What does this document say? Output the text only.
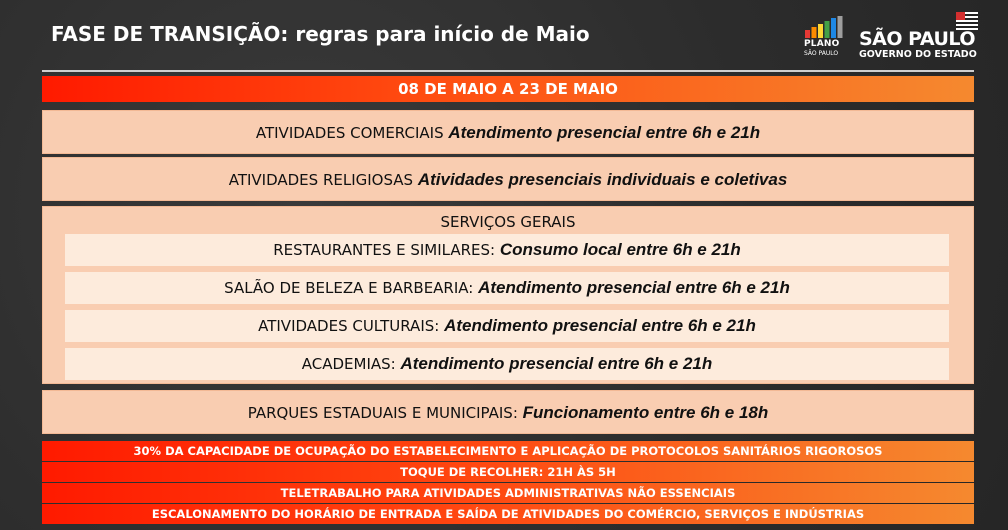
FASE DE TRANSIÇÃO: regras para início de Maio	PLANO
SÃO PAULO
SÃO PAULO
GOVERNO DO ESTADO
08 DE MAIO A 23 DE MAIO
ATIVIDADES COMERCIAIS Atendimento presencial entre 6h e 21h
ATIVIDADES RELIGIOSAS Atividades presenciais individuais e coletivas
SERVIÇOS GERAIS
RESTAURANTES E SIMILARES: Consumo local entre 6h e 21h
SALÃO DE BELEZA E BARBEARIA: Atendimento presencial entre 6h e 21h
ATIVIDADES CULTURAIS: Atendimento presencial entre 6h e 21h
ACADEMIAS: Atendimento presencial entre 6h e 21h
PARQUES ESTADUAIS E MUNICIPAIS: Funcionamento entre 6h e 18h
30% DA CAPACIDADE DE OCUPAÇÃO DO ESTABELECIMENTO E APLICAÇÃO DE PROTOCOLOS SANITÁRIOS RIGOROSOS
TOQUE DE RECOLHER: 21H ÀS 5H
TELETRABALHO PARA ATIVIDADES ADMINISTRATIVAS NÃO ESSENCIAIS
ESCALONAMENTO DO HORÁRIO DE ENTRADA E SAÍDA DE ATIVIDADES DO COMÉRCIO, SERVIÇOS E INDÚSTRIAS
